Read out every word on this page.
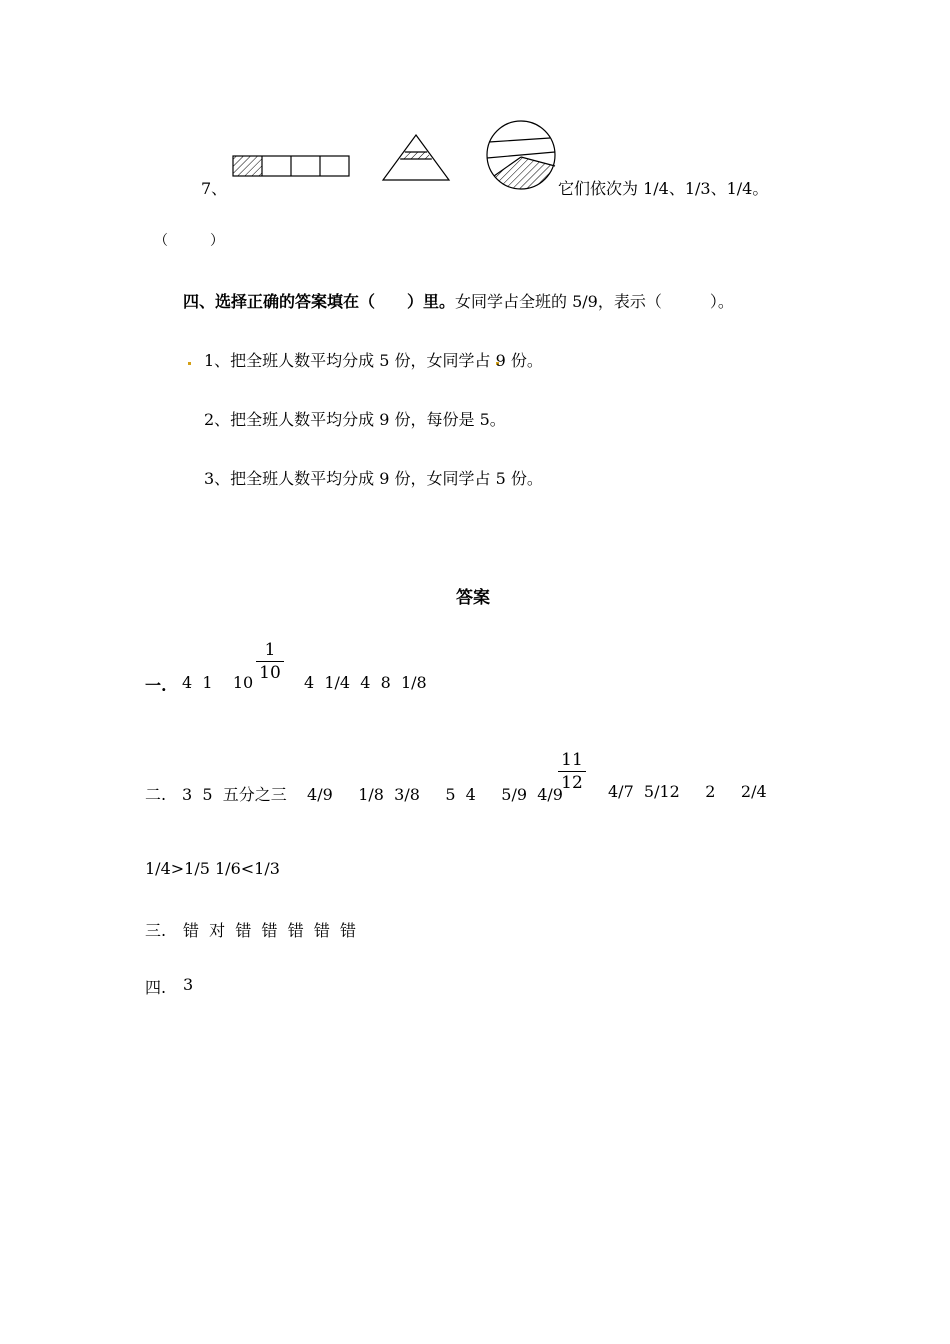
7、	它们依次为 1/4、1/3、1/4。
（　　　）
四、选择正确的答案填在（　　）里。女同学占全班的 5/9，表示（　　　）。
1、把全班人数平均分成 5 份，女同学占 9 份。
2、把全班人数平均分成 9 份，每份是 5。
3、把全班人数平均分成 9 份，女同学占 5 份。
答案
一. 4  1    10
1
10 4  1/4  4  8  1/8
二. 3  5  五分之三    4/9     1/8  3/8     5  4     5/9  4/9
11
12 4/7  5/12     2     2/4
1/4>1/5 1/6<1/3
三. 错  对  错  错  错  错  错
四. 3
